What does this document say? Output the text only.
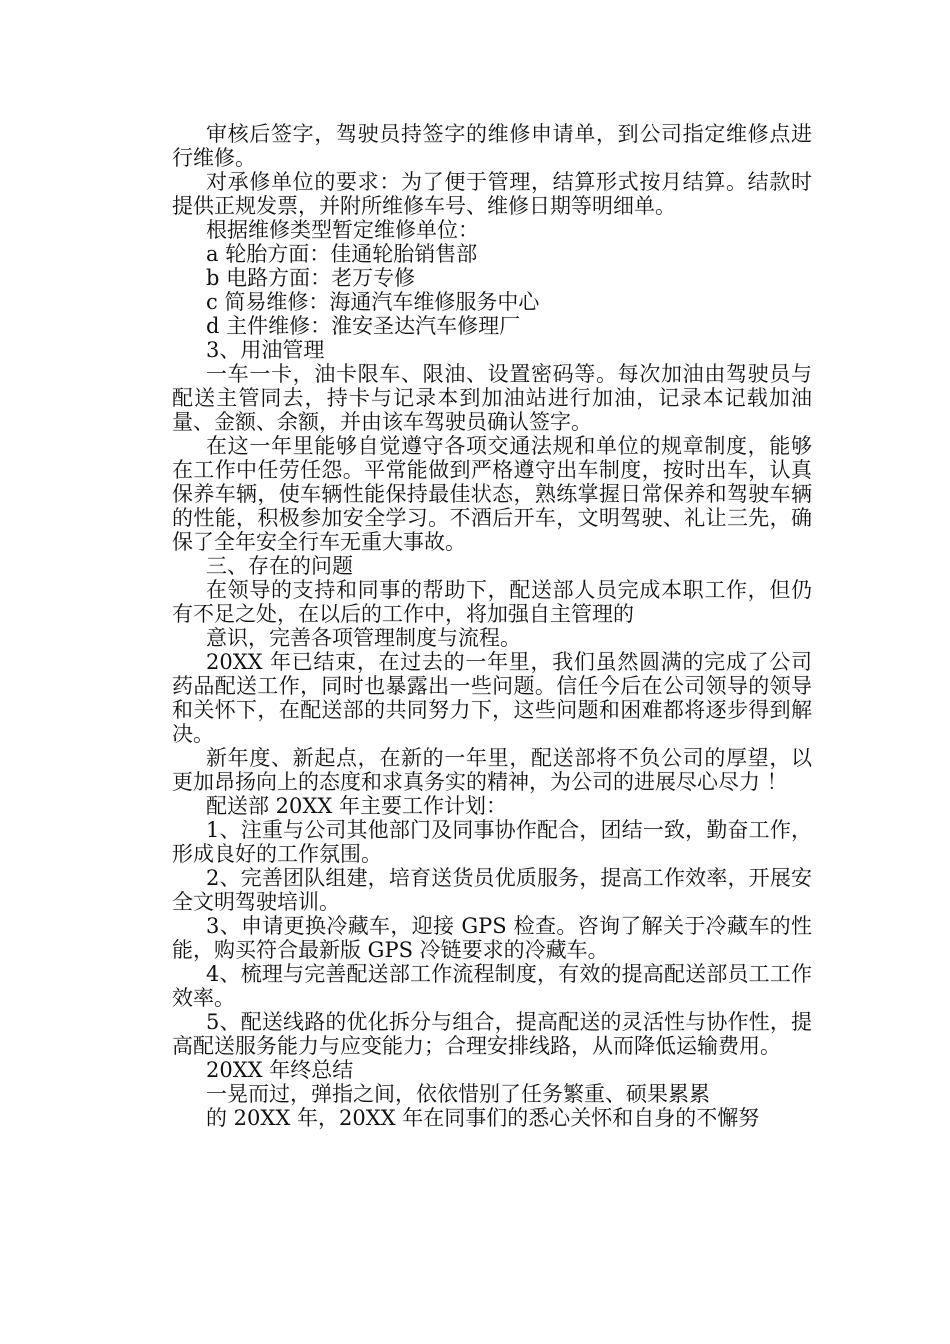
审核后签字，驾驶员持签字的维修申请单，到公司指定维修点进行维修。

对承修单位的要求：为了便于管理，结算形式按月结算。结款时提供正规发票，并附所维修车号、维修日期等明细单。

根据维修类型暂定维修单位：

a 轮胎方面：佳通轮胎销售部

b 电路方面：老万专修

c 简易维修：海通汽车维修服务中心

d 主件维修：淮安圣达汽车修理厂

3、用油管理

一车一卡，油卡限车、限油、设置密码等。每次加油由驾驶员与配送主管同去，持卡与记录本到加油站进行加油，记录本记载加油量、金额、余额，并由该车驾驶员确认签字。

在这一年里能够自觉遵守各项交通法规和单位的规章制度，能够在工作中任劳任怨。平常能做到严格遵守出车制度，按时出车，认真保养车辆，使车辆性能保持最佳状态，熟练掌握日常保养和驾驶车辆的性能，积极参加安全学习。不酒后开车，文明驾驶、礼让三先，确保了全年安全行车无重大事故。

三、存在的问题

在领导的支持和同事的帮助下，配送部人员完成本职工作，但仍有不足之处，在以后的工作中，将加强自主管理的

意识，完善各项管理制度与流程。

20XX 年已结束，在过去的一年里，我们虽然圆满的完成了公司药品配送工作，同时也暴露出一些问题。信任今后在公司领导的领导和关怀下，在配送部的共同努力下，这些问题和困难都将逐步得到解决。

新年度、新起点，在新的一年里，配送部将不负公司的厚望，以更加昂扬向上的态度和求真务实的精神，为公司的进展尽心尽力 ！

配送部 20XX 年主要工作计划：

1、注重与公司其他部门及同事协作配合，团结一致，勤奋工作，形成良好的工作氛围。

2、完善团队组建，培育送货员优质服务，提高工作效率，开展安全文明驾驶培训。

3、申请更换冷藏车，迎接 GPS 检查。咨询了解关于冷藏车的性能，购买符合最新版 GPS 冷链要求的冷藏车。

4、梳理与完善配送部工作流程制度，有效的提高配送部员工工作效率。

5、配送线路的优化拆分与组合，提高配送的灵活性与协作性，提高配送服务能力与应变能力；合理安排线路，从而降低运输费用。

20XX 年终总结

一晃而过，弹指之间，依依惜别了任务繁重、硕果累累

的 20XX 年，20XX 年在同事们的悉心关怀和自身的不懈努
